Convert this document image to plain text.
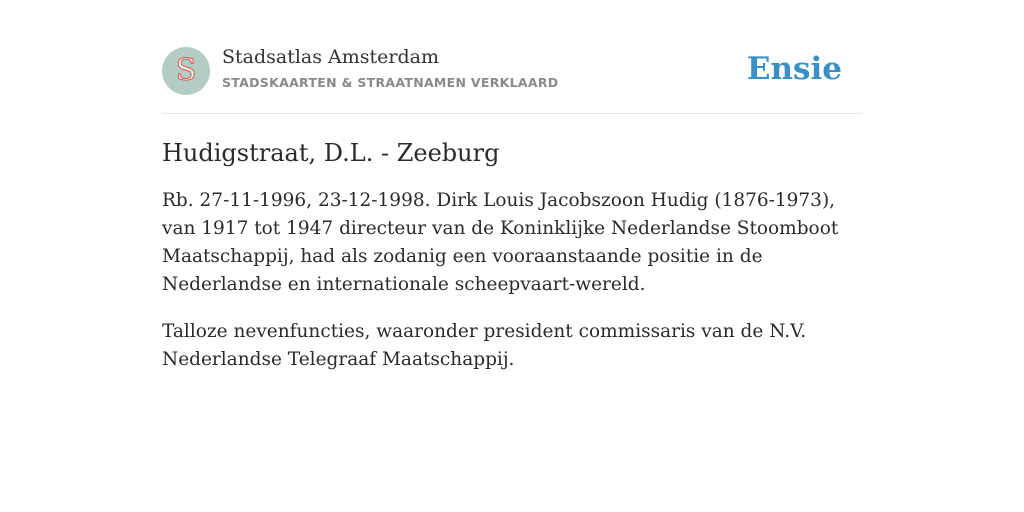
S Stadsatlas Amsterdam
STADSKAARTEN & STRAATNAMEN VERKLAARD	Ensie
Hudigstraat, D.L. - Zeeburg

Rb. 27-11-1996, 23-12-1998. Dirk Louis Jacobszoon Hudig (1876-1973), van 1917 tot 1947 directeur van de Koninklijke Nederlandse Stoomboot Maatschappij, had als zodanig een vooraanstaande positie in de Nederlandse en internationale scheepvaart-wereld.

Talloze nevenfuncties, waaronder president commissaris van de N.V. Nederlandse Telegraaf Maatschappij.
